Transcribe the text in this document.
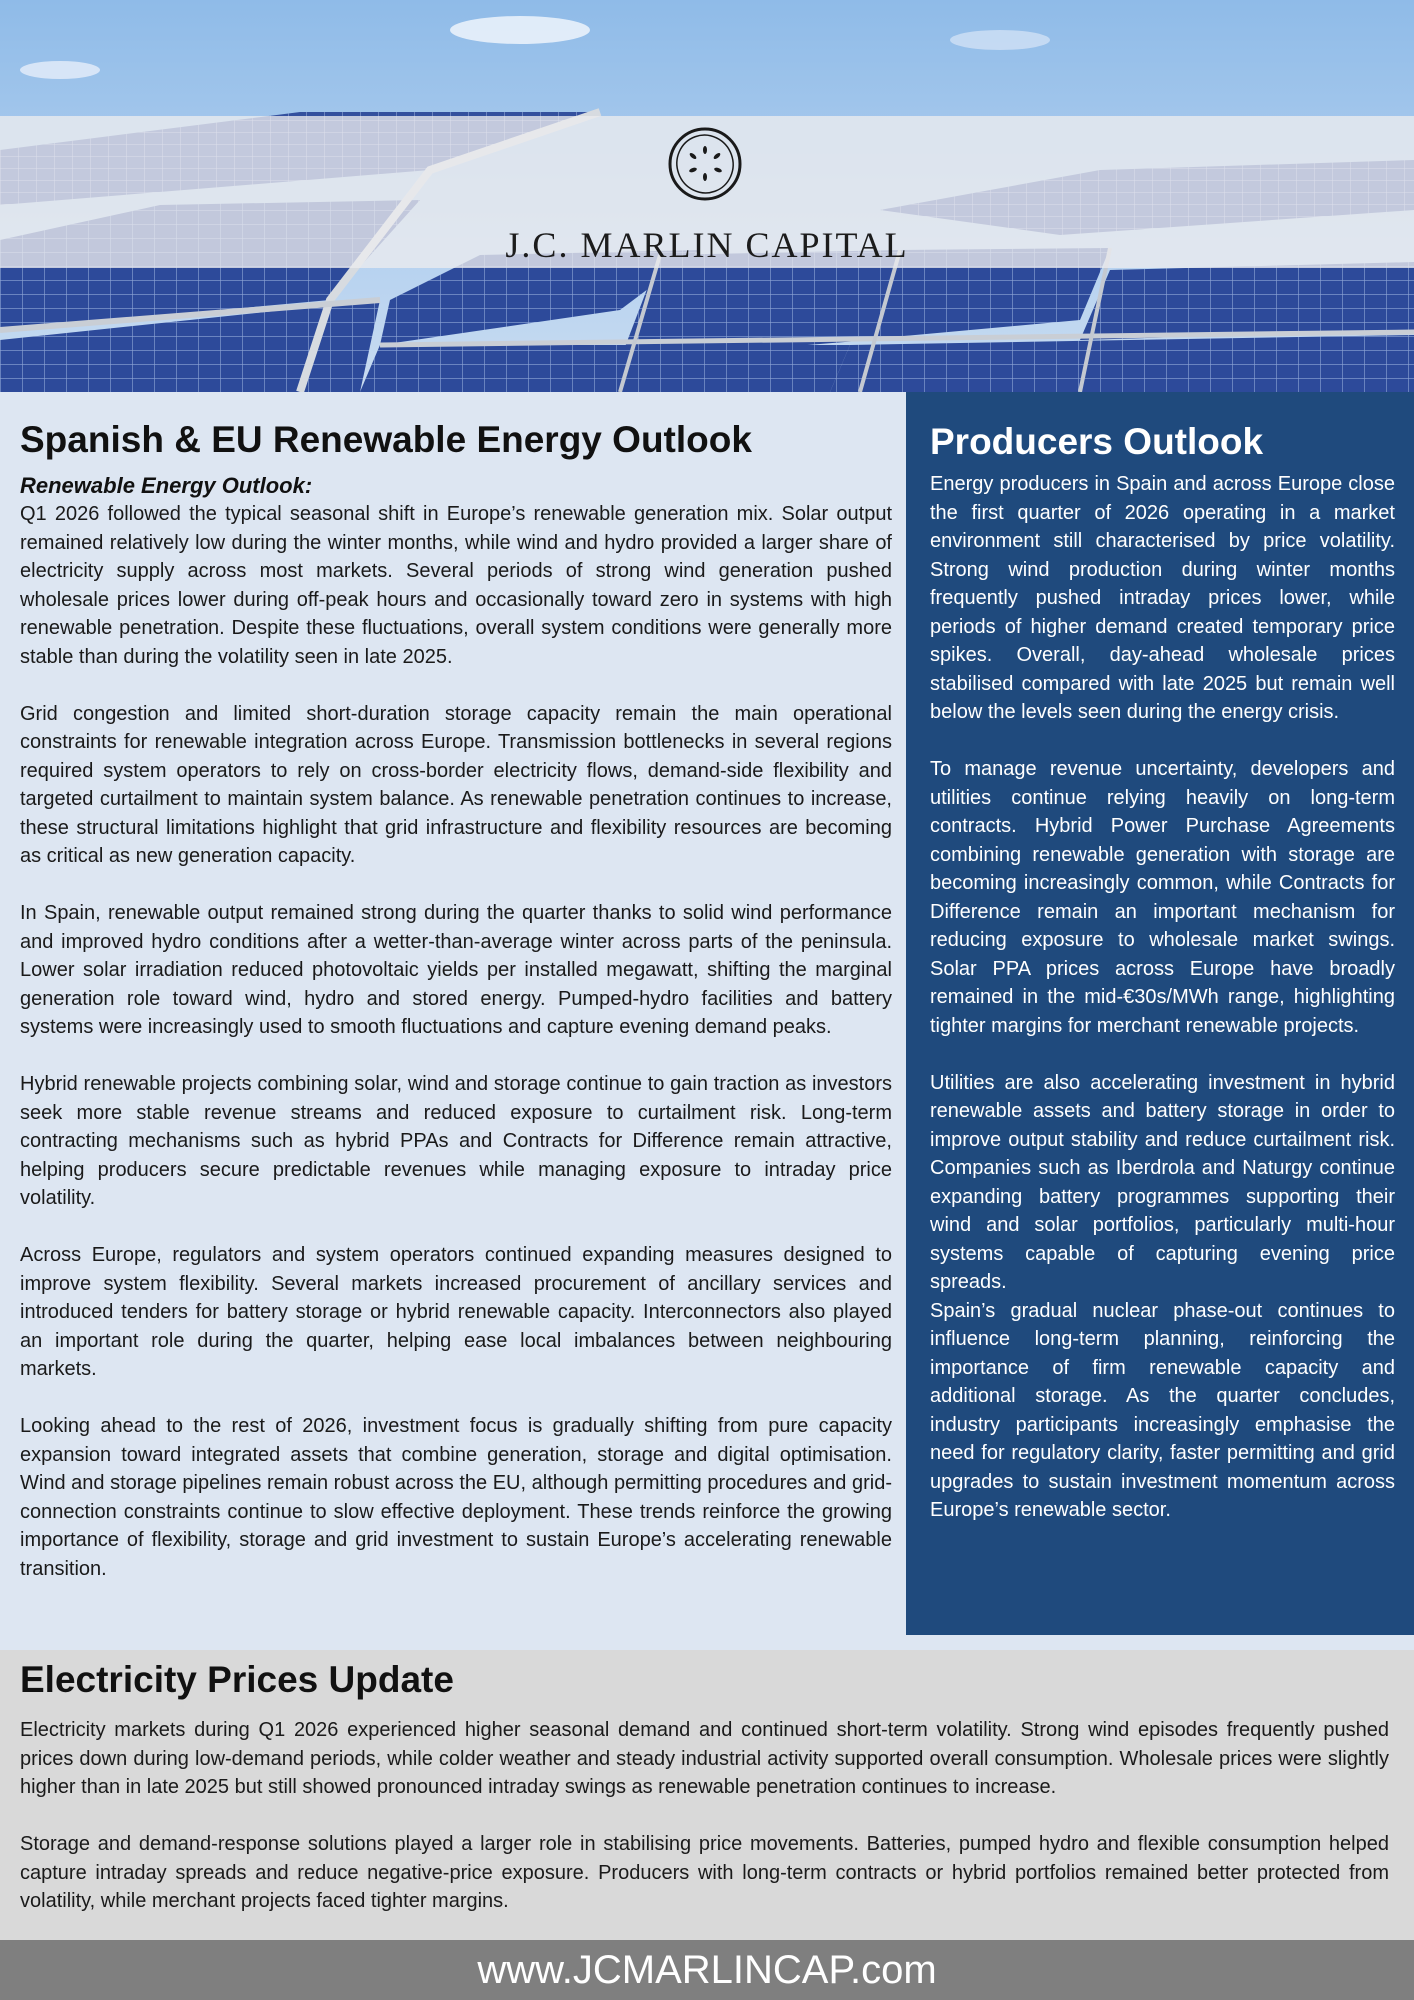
J.C. MARLIN CAPITAL
Spanish & EU Renewable Energy Outlook
Renewable Energy Outlook:

Q1 2026 followed the typical seasonal shift in Europe’s renewable generation mix. Solar output remained relatively low during the winter months, while wind and hydro provided a larger share of electricity supply across most markets. Several periods of strong wind generation pushed wholesale prices lower during off-peak hours and occasionally toward zero in systems with high renewable penetration. Despite these fluctuations, overall system conditions were generally more stable than during the volatility seen in late 2025.

Grid congestion and limited short-duration storage capacity remain the main operational constraints for renewable integration across Europe. Transmission bottlenecks in several regions required system operators to rely on cross-border electricity flows, demand-side flexibility and targeted curtailment to maintain system balance. As renewable penetration continues to increase, these structural limitations highlight that grid infrastructure and flexibility resources are becoming as critical as new generation capacity.

In Spain, renewable output remained strong during the quarter thanks to solid wind performance and improved hydro conditions after a wetter-than-average winter across parts of the peninsula. Lower solar irradiation reduced photovoltaic yields per installed megawatt, shifting the marginal generation role toward wind, hydro and stored energy. Pumped-hydro facilities and battery systems were increasingly used to smooth fluctuations and capture evening demand peaks.

Hybrid renewable projects combining solar, wind and storage continue to gain traction as investors seek more stable revenue streams and reduced exposure to curtailment risk. Long-term contracting mechanisms such as hybrid PPAs and Contracts for Difference remain attractive, helping producers secure predictable revenues while managing exposure to intraday price volatility.

Across Europe, regulators and system operators continued expanding measures designed to improve system flexibility. Several markets increased procurement of ancillary services and introduced tenders for battery storage or hybrid renewable capacity. Interconnectors also played an important role during the quarter, helping ease local imbalances between neighbouring markets.

Looking ahead to the rest of 2026, investment focus is gradually shifting from pure capacity expansion toward integrated assets that combine generation, storage and digital optimisation. Wind and storage pipelines remain robust across the EU, although permitting procedures and grid-connection constraints continue to slow effective deployment. These trends reinforce the growing importance of flexibility, storage and grid investment to sustain Europe’s accelerating renewable transition.

Producers Outlook

Energy producers in Spain and across Europe close the first quarter of 2026 operating in a market environment still characterised by price volatility. Strong wind production during winter months frequently pushed intraday prices lower, while periods of higher demand created temporary price spikes. Overall, day-ahead wholesale prices stabilised compared with late 2025 but remain well below the levels seen during the energy crisis.

To manage revenue uncertainty, developers and utilities continue relying heavily on long-term contracts. Hybrid Power Purchase Agreements combining renewable generation with storage are becoming increasingly common, while Contracts for Difference remain an important mechanism for reducing exposure to wholesale market swings. Solar PPA prices across Europe have broadly remained in the mid-€30s/MWh range, highlighting tighter margins for merchant renewable projects.

Utilities are also accelerating investment in hybrid renewable assets and battery storage in order to improve output stability and reduce curtailment risk. Companies such as Iberdrola and Naturgy continue expanding battery programmes supporting their wind and solar portfolios, particularly multi-hour systems capable of capturing evening price spreads.

Spain’s gradual nuclear phase-out continues to influence long-term planning, reinforcing the importance of firm renewable capacity and additional storage. As the quarter concludes, industry participants increasingly emphasise the need for regulatory clarity, faster permitting and grid upgrades to sustain investment momentum across Europe’s renewable sector.

Electricity Prices Update

Electricity markets during Q1 2026 experienced higher seasonal demand and continued short-term volatility. Strong wind episodes frequently pushed prices down during low-demand periods, while colder weather and steady industrial activity supported overall consumption. Wholesale prices were slightly higher than in late 2025 but still showed pronounced intraday swings as renewable penetration continues to increase.

Storage and demand-response solutions played a larger role in stabilising price movements. Batteries, pumped hydro and flexible consumption helped capture intraday spreads and reduce negative-price exposure. Producers with long-term contracts or hybrid portfolios remained better protected from volatility, while merchant projects faced tighter margins.

www.JCMARLINCAP.com
